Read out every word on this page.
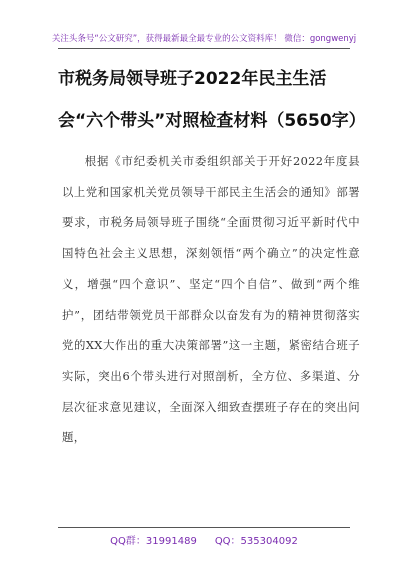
关注头条号“公文研究”，获得最新最全最专业的公文资料库！ 微信：gongwenyj
市税务局领导班子2022年民主生活会“六个带头”对照检查材料（5650字）
根据《市纪委机关市委组织部关于开好2022年度县以上党和国家机关党员领导干部民主生活会的通知》部署要求，市税务局领导班子围绕“全面贯彻习近平新时代中国特色社会主义思想，深刻领悟“两个确立”的决定性意义，增强“四个意识”、坚定“四个自信”、做到“两个维护”，团结带领党员干部群众以奋发有为的精神贯彻落实党的XX大作出的重大决策部署”这一主题，紧密结合班子实际，突出6个带头进行对照剖析，全方位、多渠道、分层次征求意见建议，全面深入细致查摆班子存在的突出问题，
QQ群：31991489 QQ：535304092
